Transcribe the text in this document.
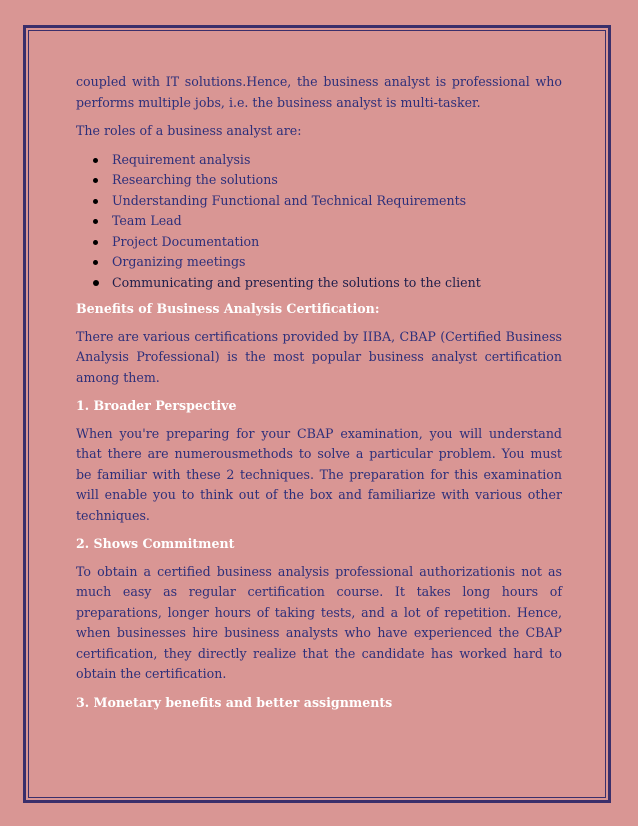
coupled with IT solutions.Hence, the business analyst is professional who performs multiple jobs, i.e. the business analyst is multi-tasker.

The roles of a business analyst are:

Requirement analysis
Researching the solutions
Understanding Functional and Technical Requirements
Team Lead
Project Documentation
Organizing meetings
Communicating and presenting the solutions to the client

Benefits of Business Analysis Certification:

There are various certifications provided by IIBA, CBAP (Certified Business Analysis Professional) is the most popular business analyst certification among them.

1. Broader Perspective

When you're preparing for your CBAP examination, you will understand that there are numerousmethods to solve a particular problem. You must be familiar with these 2 techniques. The preparation for this examination will enable you to think out of the box and familiarize with various other techniques.

2. Shows Commitment

To obtain a certified business analysis professional authorizationis not as much easy as regular certification course. It takes long hours of preparations, longer hours of taking tests, and a lot of repetition. Hence, when businesses hire business analysts who have experienced the CBAP certification, they directly realize that the candidate has worked hard to obtain the certification.

3. Monetary benefits and better assignments
